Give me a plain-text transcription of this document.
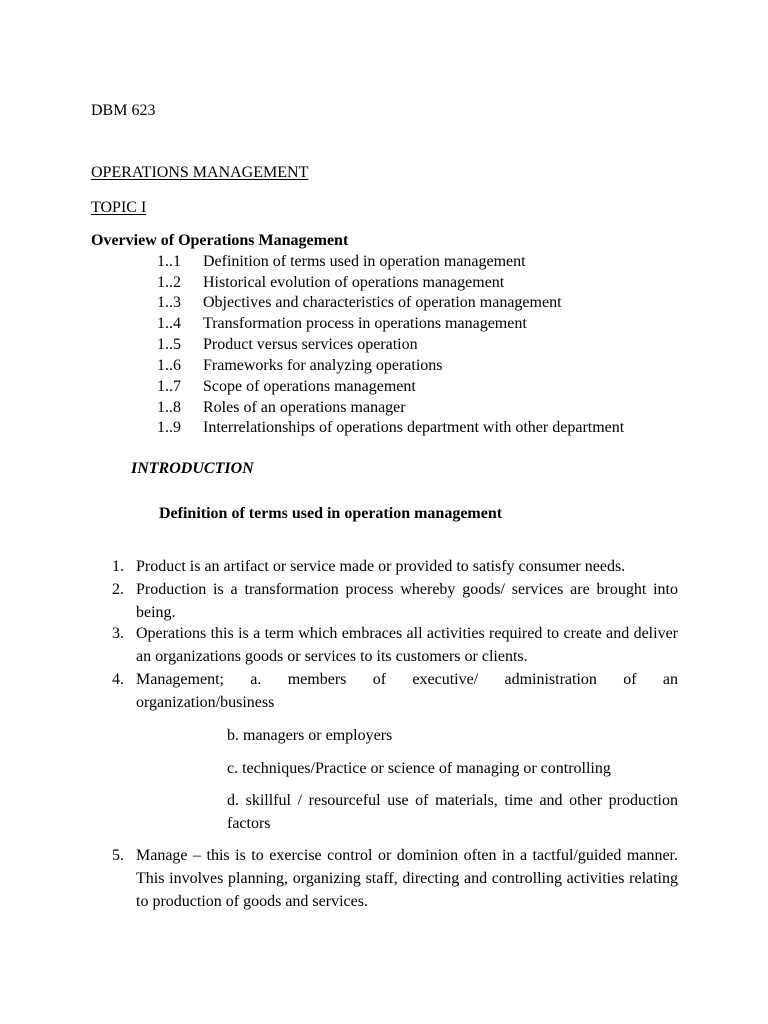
DBM 623
OPERATIONS MANAGEMENT
TOPIC I
Overview of Operations Management
1..1 Definition of terms used in operation management
1..2 Historical evolution of operations management
1..3 Objectives and characteristics of operation management
1..4 Transformation process in operations management
1..5 Product versus services operation
1..6 Frameworks for analyzing operations
1..7 Scope of operations management
1..8 Roles of an operations manager
1..9 Interrelationships of operations department with other department
INTRODUCTION
Definition of terms used in operation management
1. Product is an artifact or service made or provided to satisfy consumer needs.
2. Production is a transformation process whereby goods/ services are brought into being.
3. Operations this is a term which embraces all activities required to create and deliver an organizations goods or services to its customers or clients.
4. Management; a. members of executive/ administration of an
organization/business
b. managers or employers
c. techniques/Practice or science of managing or controlling
d. skillful / resourceful use of materials, time and other production factors
5. Manage – this is to exercise control or dominion often in a tactful/guided manner. This involves planning, organizing staff, directing and controlling activities relating to production of goods and services.
